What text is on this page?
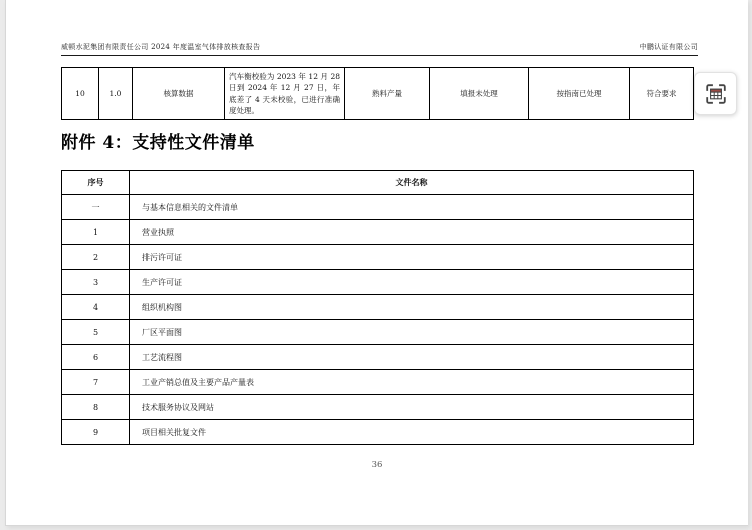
威顿水泥集团有限责任公司 2024 年度温室气体排放核查报告	中鹏认证有限公司
10	1.0	核算数据	汽车衡校验为 2023 年 12 月 28 日到 2024 年 12 月 27 日，年底差了 4 天未校验，已进行准确度处理。	熟料产量	填报未处理	按指南已处理	符合要求
附件 4：支持性文件清单
序号	文件名称
一	与基本信息相关的文件清单
1	营业执照
2	排污许可证
3	生产许可证
4	组织机构图
5	厂区平面图
6	工艺流程图
7	工业产销总值及主要产品产量表
8	技术服务协议及网站
9	项目相关批复文件
36
